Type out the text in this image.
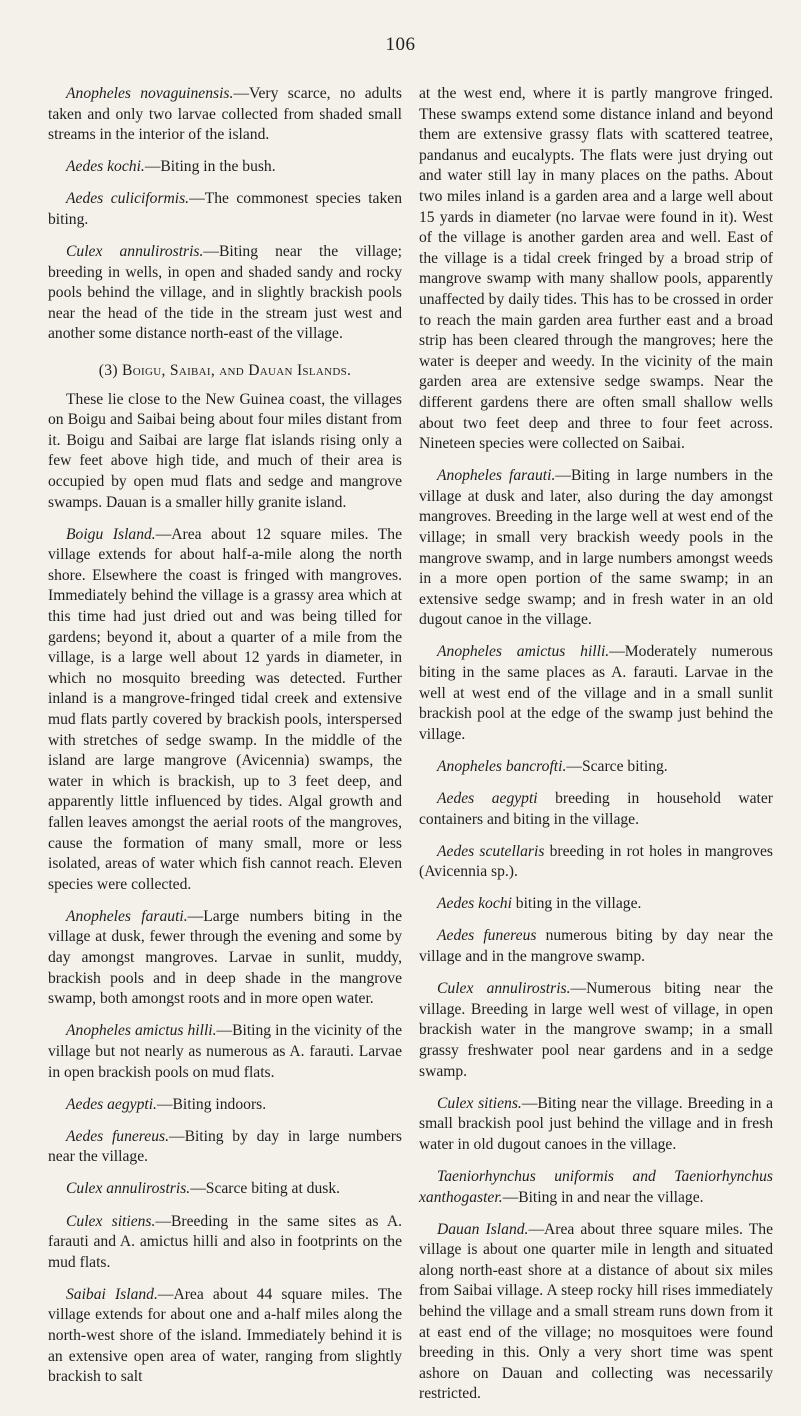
106

Anopheles novaguinensis.—Very scarce, no adults taken and only two larvae collected from shaded small streams in the interior of the island.

Aedes kochi.—Biting in the bush.

Aedes culiciformis.—The commonest species taken biting.

Culex annulirostris.—Biting near the village; breeding in wells, in open and shaded sandy and rocky pools behind the village, and in slightly brackish pools near the head of the tide in the stream just west and another some distance north-east of the village.

(3) Boigu, Saibai, and Dauan Islands.

These lie close to the New Guinea coast, the villages on Boigu and Saibai being about four miles distant from it. Boigu and Saibai are large flat islands rising only a few feet above high tide, and much of their area is occupied by open mud flats and sedge and mangrove swamps. Dauan is a smaller hilly granite island.

Boigu Island.—Area about 12 square miles. The village extends for about half-a-mile along the north shore. Elsewhere the coast is fringed with mangroves. Immediately behind the village is a grassy area which at this time had just dried out and was being tilled for gardens; beyond it, about a quarter of a mile from the village, is a large well about 12 yards in diameter, in which no mosquito breeding was detected. Further inland is a mangrove-fringed tidal creek and extensive mud flats partly covered by brackish pools, interspersed with stretches of sedge swamp. In the middle of the island are large mangrove (Avicennia) swamps, the water in which is brackish, up to 3 feet deep, and apparently little influenced by tides. Algal growth and fallen leaves amongst the aerial roots of the mangroves, cause the formation of many small, more or less isolated, areas of water which fish cannot reach. Eleven species were collected.

Anopheles farauti.—Large numbers biting in the village at dusk, fewer through the evening and some by day amongst mangroves. Larvae in sunlit, muddy, brackish pools and in deep shade in the mangrove swamp, both amongst roots and in more open water.

Anopheles amictus hilli.—Biting in the vicinity of the village but not nearly as numerous as A. farauti. Larvae in open brackish pools on mud flats.

Aedes aegypti.—Biting indoors.

Aedes funereus.—Biting by day in large numbers near the village.

Culex annulirostris.—Scarce biting at dusk.

Culex sitiens.—Breeding in the same sites as A. farauti and A. amictus hilli and also in footprints on the mud flats.

Saibai Island.—Area about 44 square miles. The village extends for about one and a-half miles along the north-west shore of the island. Immediately behind it is an extensive open area of water, ranging from slightly brackish to salt

at the west end, where it is partly mangrove fringed. These swamps extend some distance inland and beyond them are extensive grassy flats with scattered teatree, pandanus and eucalypts. The flats were just drying out and water still lay in many places on the paths. About two miles inland is a garden area and a large well about 15 yards in diameter (no larvae were found in it). West of the village is another garden area and well. East of the village is a tidal creek fringed by a broad strip of mangrove swamp with many shallow pools, apparently unaffected by daily tides. This has to be crossed in order to reach the main garden area further east and a broad strip has been cleared through the mangroves; here the water is deeper and weedy. In the vicinity of the main garden area are extensive sedge swamps. Near the different gardens there are often small shallow wells about two feet deep and three to four feet across. Nineteen species were collected on Saibai.

Anopheles farauti.—Biting in large numbers in the village at dusk and later, also during the day amongst mangroves. Breeding in the large well at west end of the village; in small very brackish weedy pools in the mangrove swamp, and in large numbers amongst weeds in a more open portion of the same swamp; in an extensive sedge swamp; and in fresh water in an old dugout canoe in the village.

Anopheles amictus hilli.—Moderately numerous biting in the same places as A. farauti. Larvae in the well at west end of the village and in a small sunlit brackish pool at the edge of the swamp just behind the village.

Anopheles bancrofti.—Scarce biting.

Aedes aegypti breeding in household water containers and biting in the village.

Aedes scutellaris breeding in rot holes in mangroves (Avicennia sp.).

Aedes kochi biting in the village.

Aedes funereus numerous biting by day near the village and in the mangrove swamp.

Culex annulirostris.—Numerous biting near the village. Breeding in large well west of village, in open brackish water in the mangrove swamp; in a small grassy freshwater pool near gardens and in a sedge swamp.

Culex sitiens.—Biting near the village. Breeding in a small brackish pool just behind the village and in fresh water in old dugout canoes in the village.

Taeniorhynchus uniformis and Taeniorhynchus xanthogaster.—Biting in and near the village.

Dauan Island.—Area about three square miles. The village is about one quarter mile in length and situated along north-east shore at a distance of about six miles from Saibai village. A steep rocky hill rises immediately behind the village and a small stream runs down from it at east end of the village; no mosquitoes were found breeding in this. Only a very short time was spent ashore on Dauan and collecting was necessarily restricted.
